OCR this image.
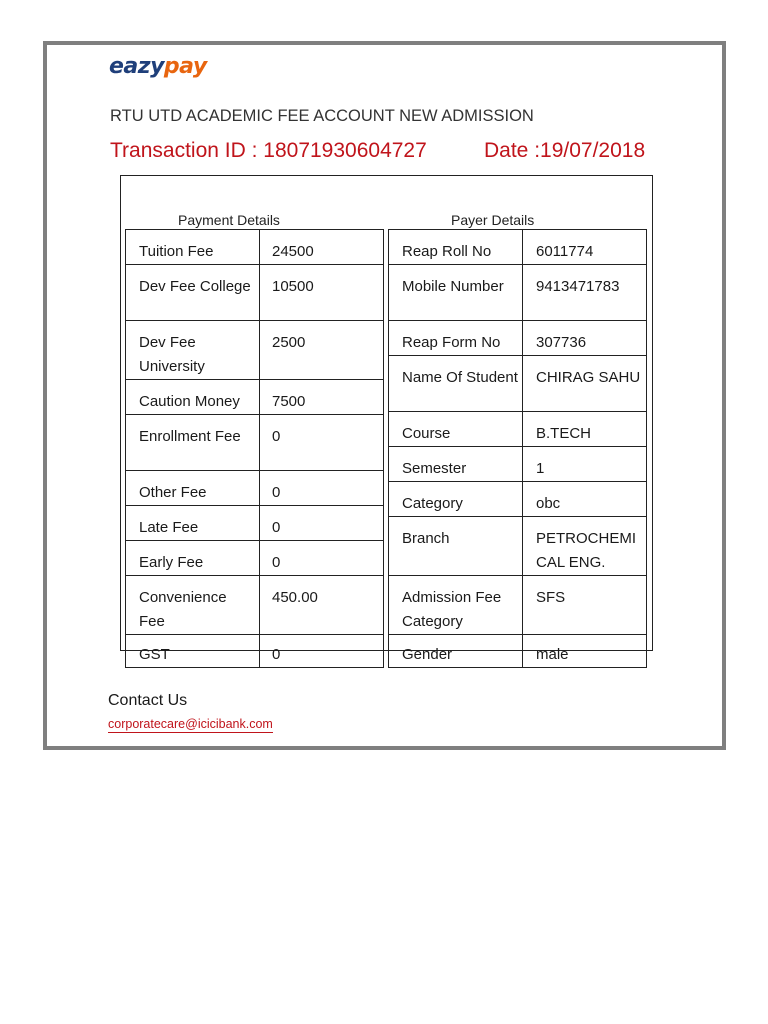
eazypay
RTU UTD ACADEMIC FEE ACCOUNT NEW ADMISSION
Transaction ID : 18071930604727	Date :19/07/2018
Payment Details	Payer Details
Tuition Fee	24500
Dev Fee College	10500
Dev Fee University	2500
Caution Money	7500
Enrollment Fee	0
Other Fee	0
Late Fee	0
Early Fee	0
Convenience Fee	450.00
GST	0
Reap Roll No	6011774
Mobile Number	9413471783
Reap Form No	307736
Name Of Student	CHIRAG SAHU
Course	B.TECH
Semester	1
Category	obc
Branch	PETROCHEMICAL ENG.
Admission Fee Category	SFS
Gender	male
Contact Us
corporatecare@icicibank.com
